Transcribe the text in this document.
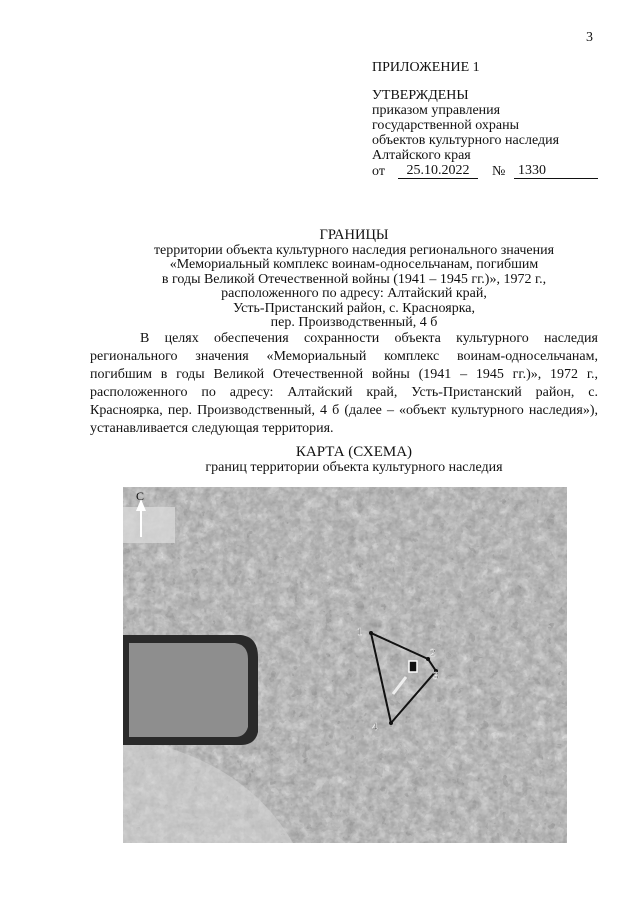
3
ПРИЛОЖЕНИЕ 1
УТВЕРЖДЕНЫ
приказом управления
государственной охраны
объектов культурного наследия
Алтайского края
от	25.10.2022	№ 1330
ГРАНИЦЫ
территории объекта культурного наследия регионального значения
«Мемориальный комплекс воинам-односельчанам, погибшим
в годы Великой Отечественной войны (1941 – 1945 гг.)», 1972 г.,
расположенного по адресу: Алтайский край,
Усть-Пристанский район, с. Красноярка,
пер. Производственный, 4 б
В целях обеспечения сохранности объекта культурного наследия регионального значения «Мемориальный комплекс воинам-односельчанам, погибшим в годы Великой Отечественной войны (1941 – 1945 гг.)», 1972 г., расположенного по адресу: Алтайский край, Усть-Пристанский район, с. Красноярка, пер. Производственный, 4 б (далее – «объект культурного наследия»), устанавливается следующая территория.
КАРТА (СХЕМА)
границ территории объекта культурного наследия
С
1
2
3
4
